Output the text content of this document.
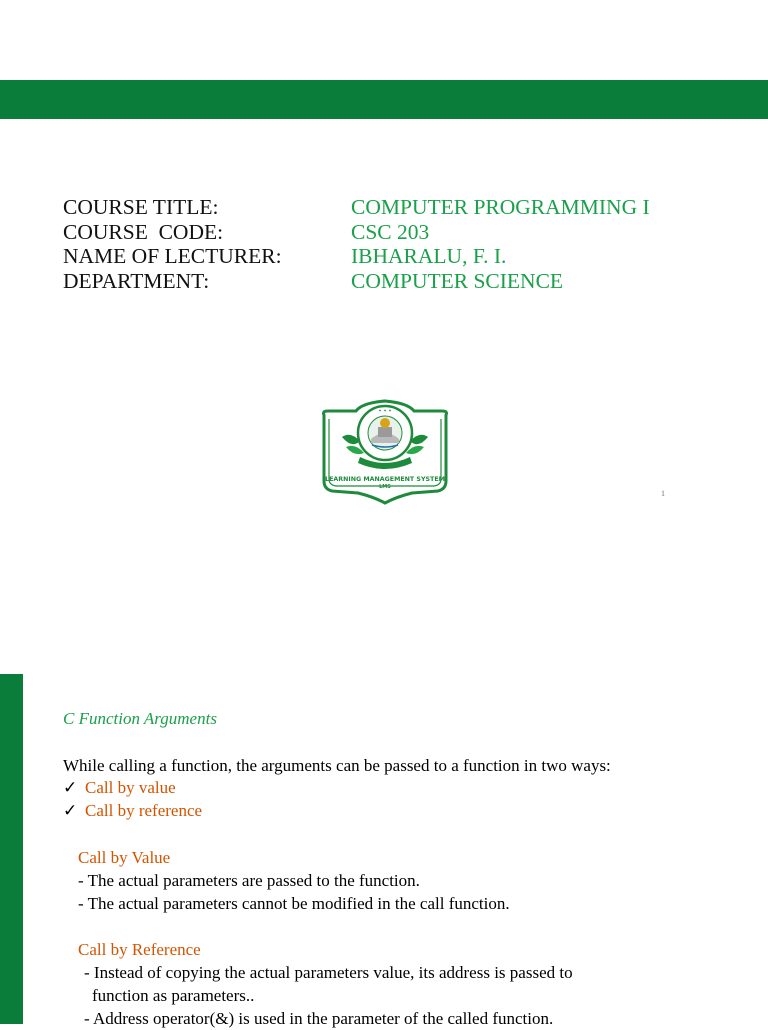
COURSE TITLE:	COMPUTER PROGRAMMING I
COURSE  CODE:	CSC 203
NAME OF LECTURER:	IBHARALU, F. I.
DEPARTMENT:	COMPUTER SCIENCE
✦ ✦ ✦
LEARNING MANAGEMENT SYSTEM
LMS
1
C Function Arguments
While calling a function, the arguments can be passed to a function in two ways:
✓ Call by value
✓ Call by reference
Call by Value
- The actual parameters are passed to the function.
- The actual parameters cannot be modified in the call function.
Call by Reference
- Instead of copying the actual parameters value, its address is passed to
function as parameters..
- Address operator(&) is used in the parameter of the called function.
